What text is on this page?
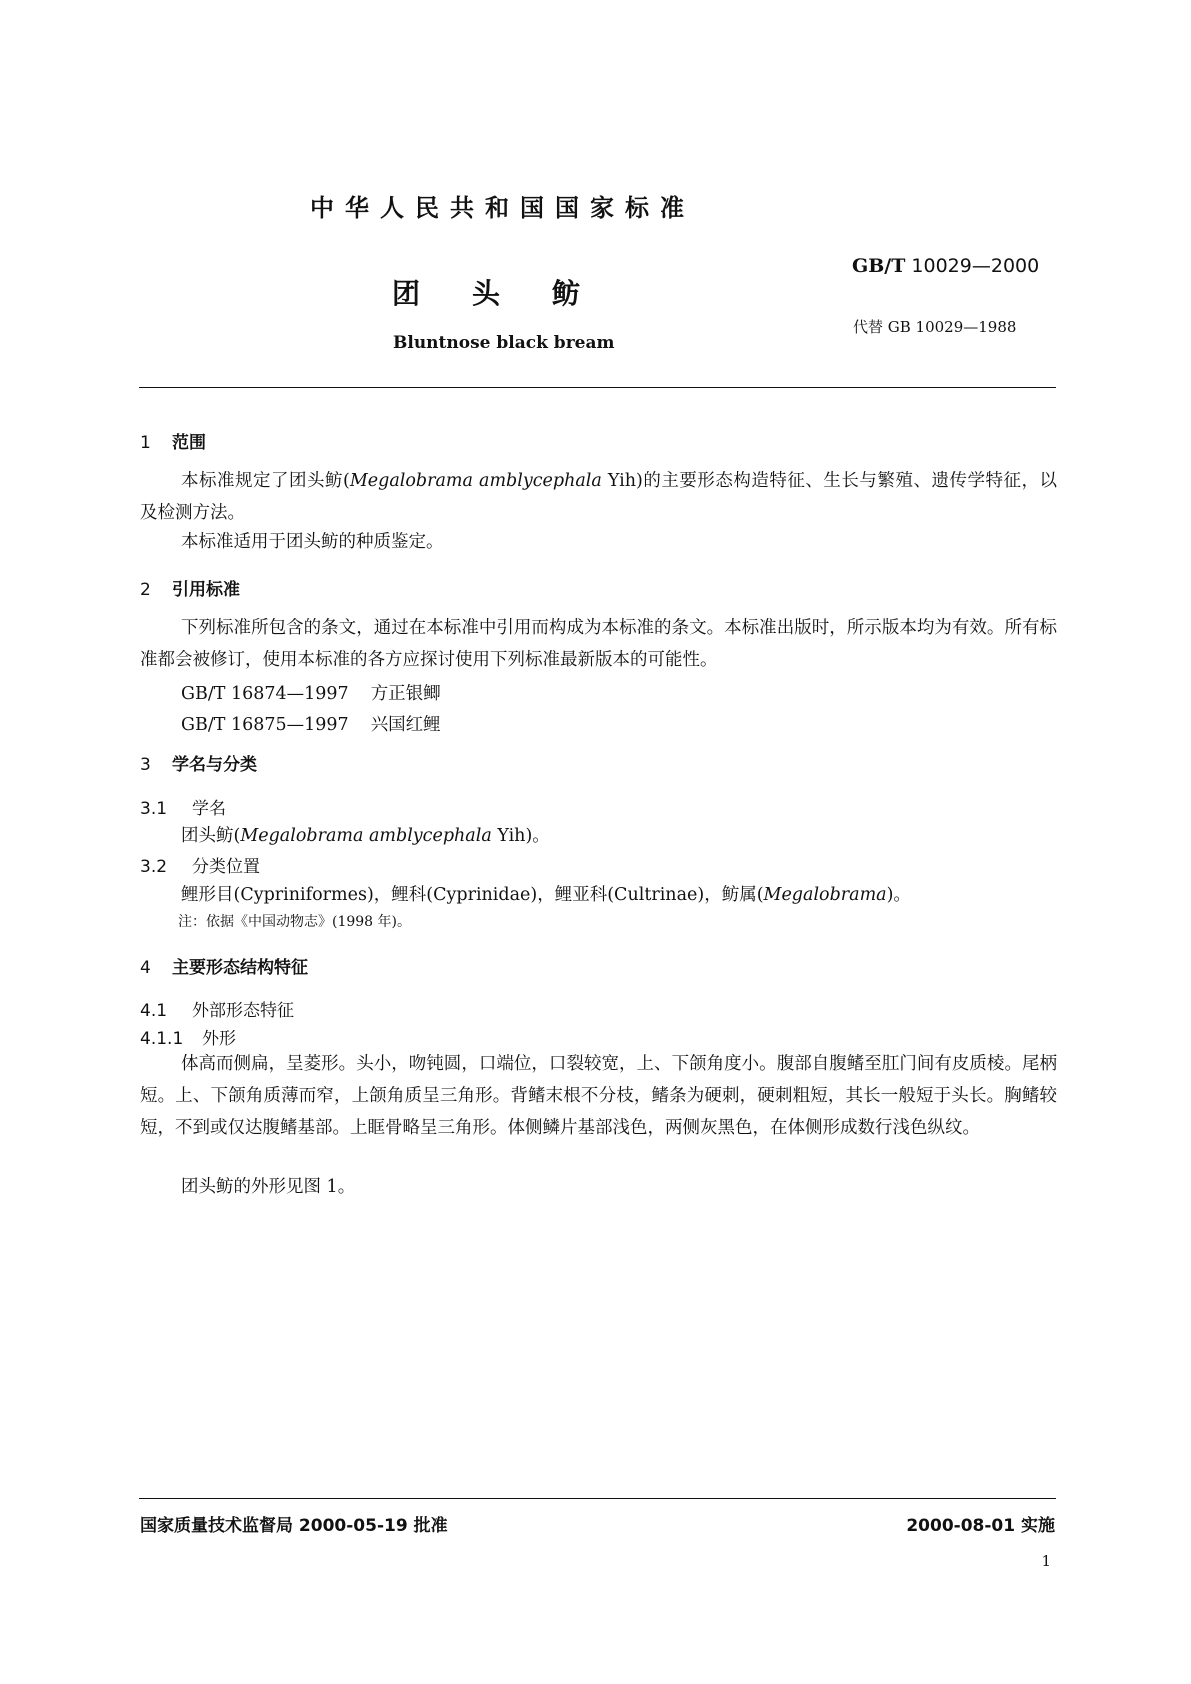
中华人民共和国国家标准
团头鲂
Bluntnose black bream
GB/T 10029—2000
代替 GB 10029—1988
1 范围
本标准规定了团头鲂(Megalobrama amblycephala Yih)的主要形态构造特征、生长与繁殖、遗传学特征，以及检测方法。
本标准适用于团头鲂的种质鉴定。
2 引用标准
下列标准所包含的条文，通过在本标准中引用而构成为本标准的条文。本标准出版时，所示版本均为有效。所有标准都会被修订，使用本标准的各方应探讨使用下列标准最新版本的可能性。
GB/T 16874—1997 方正银鲫
GB/T 16875—1997 兴国红鲤
3 学名与分类
3.1 学名
团头鲂(Megalobrama amblycephala Yih)。
3.2 分类位置
鲤形目(Cypriniformes)，鲤科(Cyprinidae)，鲤亚科(Cultrinae)，鲂属(Megalobrama)。
注：依据《中国动物志》(1998 年)。
4 主要形态结构特征
4.1 外部形态特征
4.1.1 外形
体高而侧扁，呈菱形。头小，吻钝圆，口端位，口裂较宽，上、下颌角度小。腹部自腹鳍至肛门间有皮质棱。尾柄短。上、下颌角质薄而窄，上颌角质呈三角形。背鳍末根不分枝，鳍条为硬刺，硬刺粗短，其长一般短于头长。胸鳍较短，不到或仅达腹鳍基部。上眶骨略呈三角形。体侧鳞片基部浅色，两侧灰黑色，在体侧形成数行浅色纵纹。
团头鲂的外形见图 1。
国家质量技术监督局 2000-05-19 批准	2000-08-01 实施
1
